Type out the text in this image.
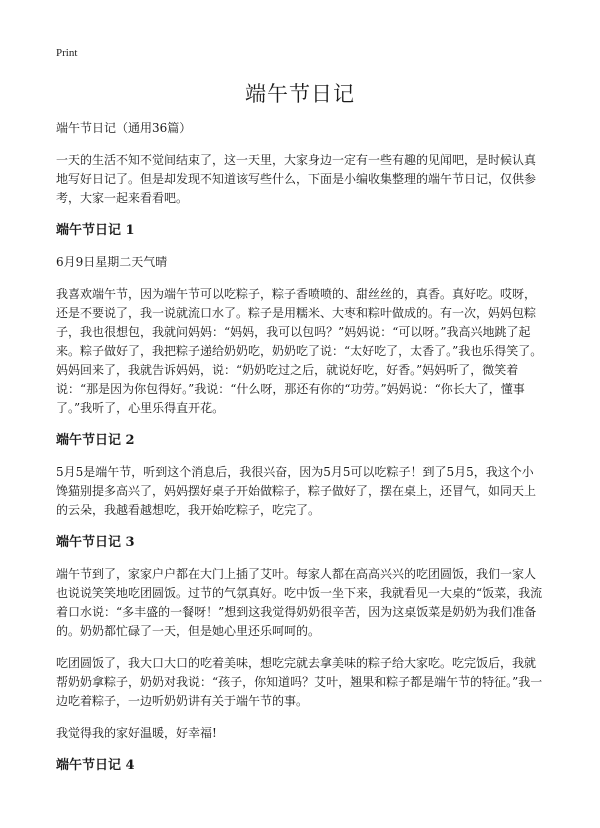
Print
端午节日记

端午节日记（通用36篇）

一天的生活不知不觉间结束了，这一天里，大家身边一定有一些有趣的见闻吧，是时候认真地写好日记了。但是却发现不知道该写些什么，下面是小编收集整理的端午节日记，仅供参考，大家一起来看看吧。

端午节日记 1

6月9日星期二天气晴

我喜欢端午节，因为端午节可以吃粽子，粽子香喷喷的、甜丝丝的，真香。真好吃。哎呀，还是不要说了，我一说就流口水了。粽子是用糯米、大枣和粽叶做成的。有一次，妈妈包粽子，我也很想包，我就问妈妈：“妈妈，我可以包吗？”妈妈说：“可以呀。”我高兴地跳了起来。粽子做好了，我把粽子递给奶奶吃，奶奶吃了说：“太好吃了，太香了。”我也乐得笑了。妈妈回来了，我就告诉妈妈，说：“奶奶吃过之后，就说好吃，好香。”妈妈听了，微笑着说：“那是因为你包得好。”我说：“什么呀，那还有你的“功劳。”妈妈说：“你长大了，懂事了。”我听了，心里乐得直开花。

端午节日记 2

5月5是端午节，听到这个消息后，我很兴奋，因为5月5可以吃粽子！到了5月5，我这个小馋猫别提多高兴了，妈妈摆好桌子开始做粽子，粽子做好了，摆在桌上，还冒气，如同天上的云朵，我越看越想吃，我开始吃粽子，吃完了。

端午节日记 3

端午节到了，家家户户都在大门上插了艾叶。每家人都在高高兴兴的吃团圆饭，我们一家人也说说笑笑地吃团圆饭。过节的气氛真好。吃中饭一坐下来，我就看见一大桌的“饭菜，我流着口水说：“多丰盛的一餐呀！”想到这我觉得奶奶很辛苦，因为这桌饭菜是奶奶为我们准备的。奶奶都忙碌了一天，但是她心里还乐呵呵的。

吃团圆饭了，我大口大口的吃着美味，想吃完就去拿美味的粽子给大家吃。吃完饭后，我就帮奶奶拿粽子，奶奶对我说：“孩子，你知道吗？艾叶，翘果和粽子都是端午节的特征。”我一边吃着粽子，一边听奶奶讲有关于端午节的事。

我觉得我的家好温暖，好幸福!

端午节日记 4
